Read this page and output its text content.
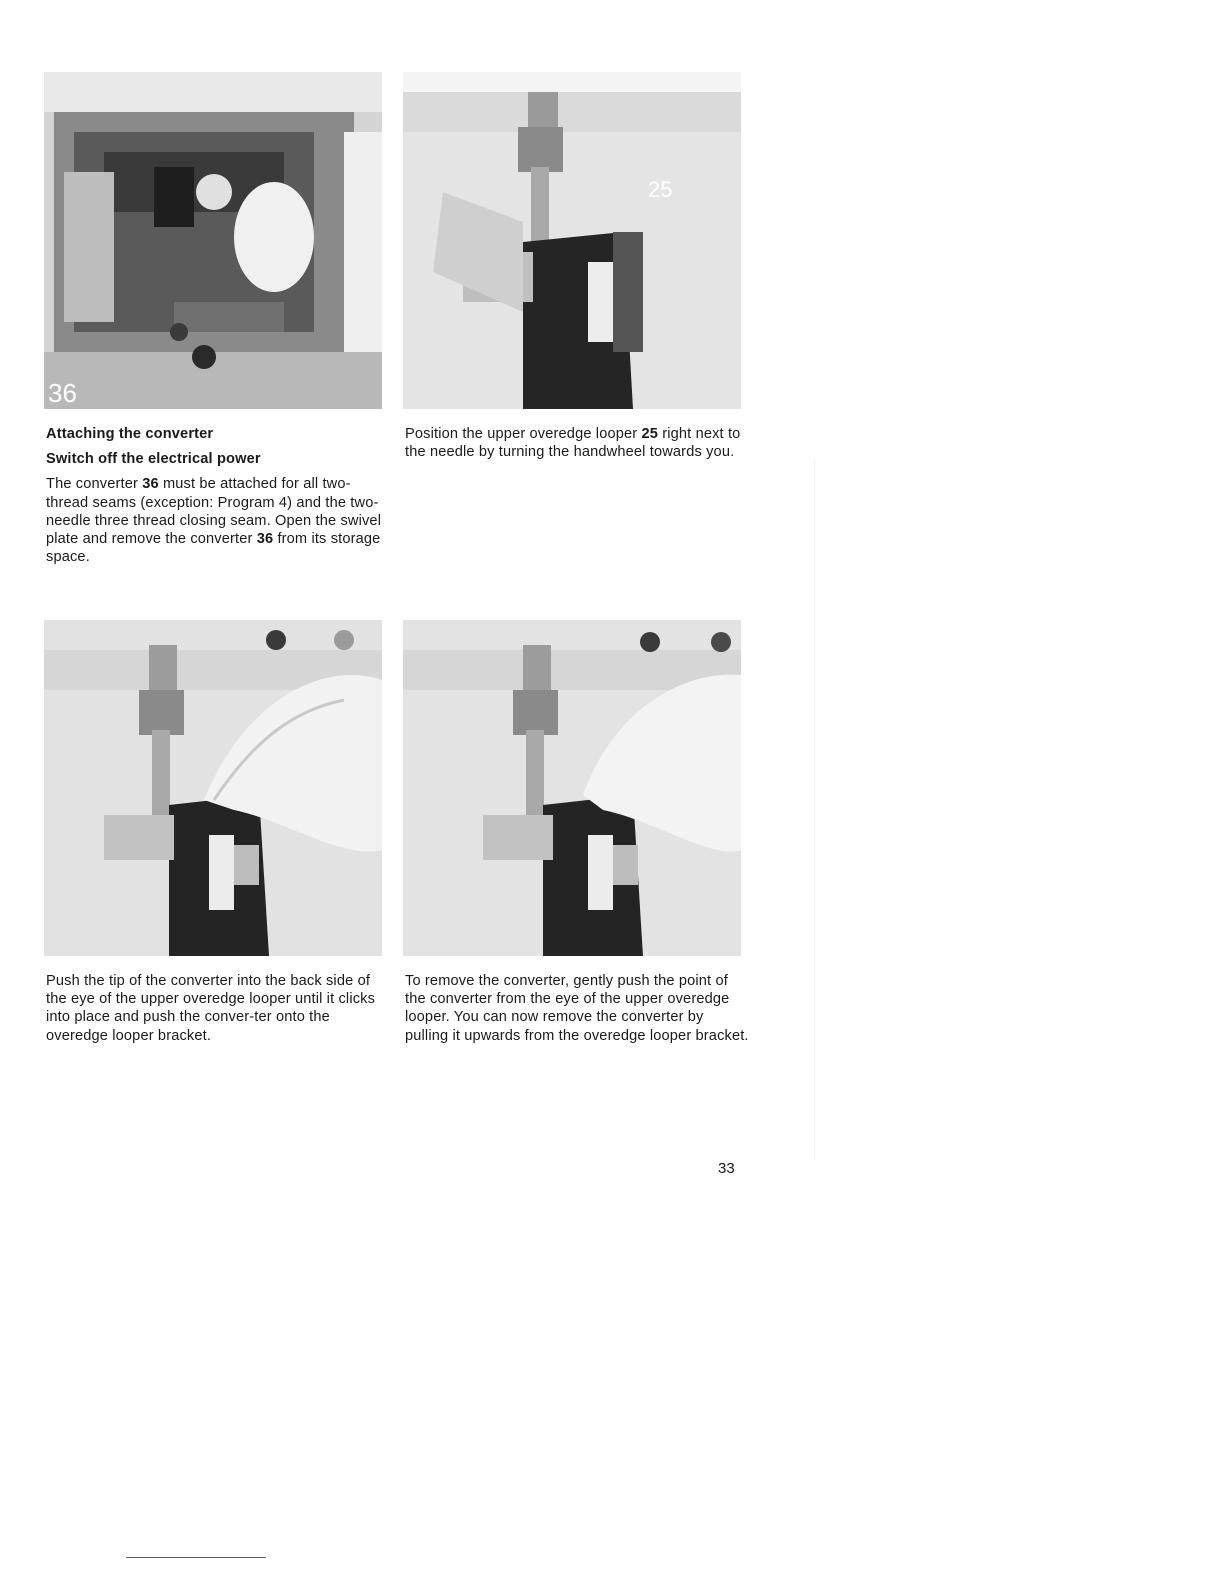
36
25

Attaching the converter

Switch off the electrical power

The converter 36 must be attached for all two-thread seams (exception: Program 4) and the two-needle three thread closing seam. Open the swivel plate and remove the converter 36 from its storage space.

Position the upper overedge looper 25 right next to the needle by turning the handwheel towards you.

Push the tip of the converter into the back side of the eye of the upper overedge looper until it clicks into place and push the conver-ter onto the overedge looper bracket.

To remove the converter, gently push the point of the converter from the eye of the upper overedge looper. You can now remove the converter by pulling it upwards from the overedge looper bracket.

33
